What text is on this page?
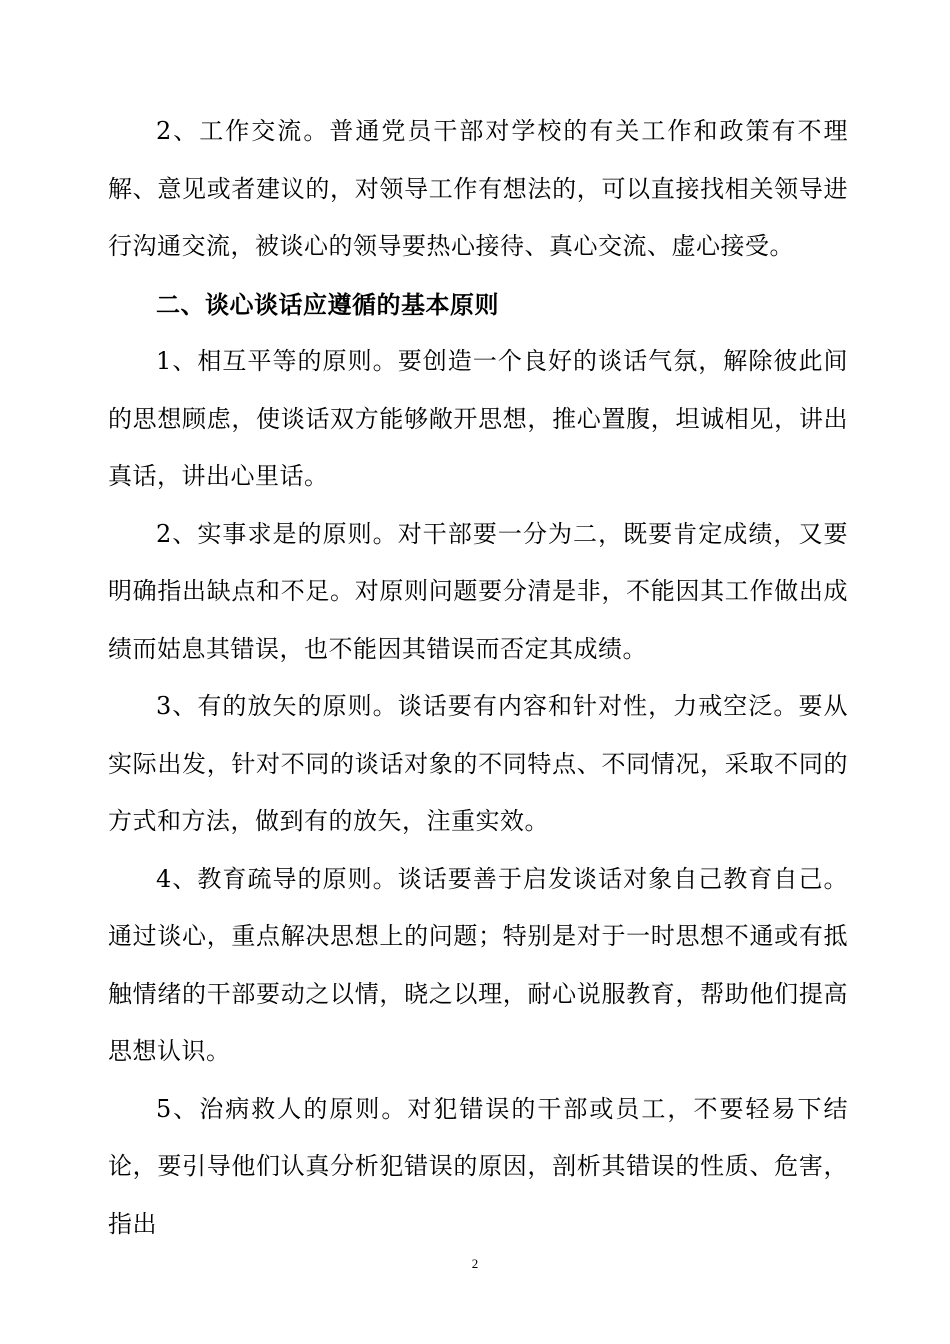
2、工作交流。普通党员干部对学校的有关工作和政策有不理解、意见或者建议的，对领导工作有想法的，可以直接找相关领导进行沟通交流，被谈心的领导要热心接待、真心交流、虚心接受。

二、谈心谈话应遵循的基本原则

1、相互平等的原则。要创造一个良好的谈话气氛，解除彼此间的思想顾虑，使谈话双方能够敞开思想，推心置腹，坦诚相见，讲出真话，讲出心里话。

2、实事求是的原则。对干部要一分为二，既要肯定成绩，又要明确指出缺点和不足。对原则问题要分清是非，不能因其工作做出成绩而姑息其错误，也不能因其错误而否定其成绩。

3、有的放矢的原则。谈话要有内容和针对性，力戒空泛。要从实际出发，针对不同的谈话对象的不同特点、不同情况，采取不同的方式和方法，做到有的放矢，注重实效。

4、教育疏导的原则。谈话要善于启发谈话对象自己教育自己。通过谈心，重点解决思想上的问题；特别是对于一时思想不通或有抵触情绪的干部要动之以情，晓之以理，耐心说服教育，帮助他们提高思想认识。

5、治病救人的原则。对犯错误的干部或员工，不要轻易下结论，要引导他们认真分析犯错误的原因，剖析其错误的性质、危害，指出

2
